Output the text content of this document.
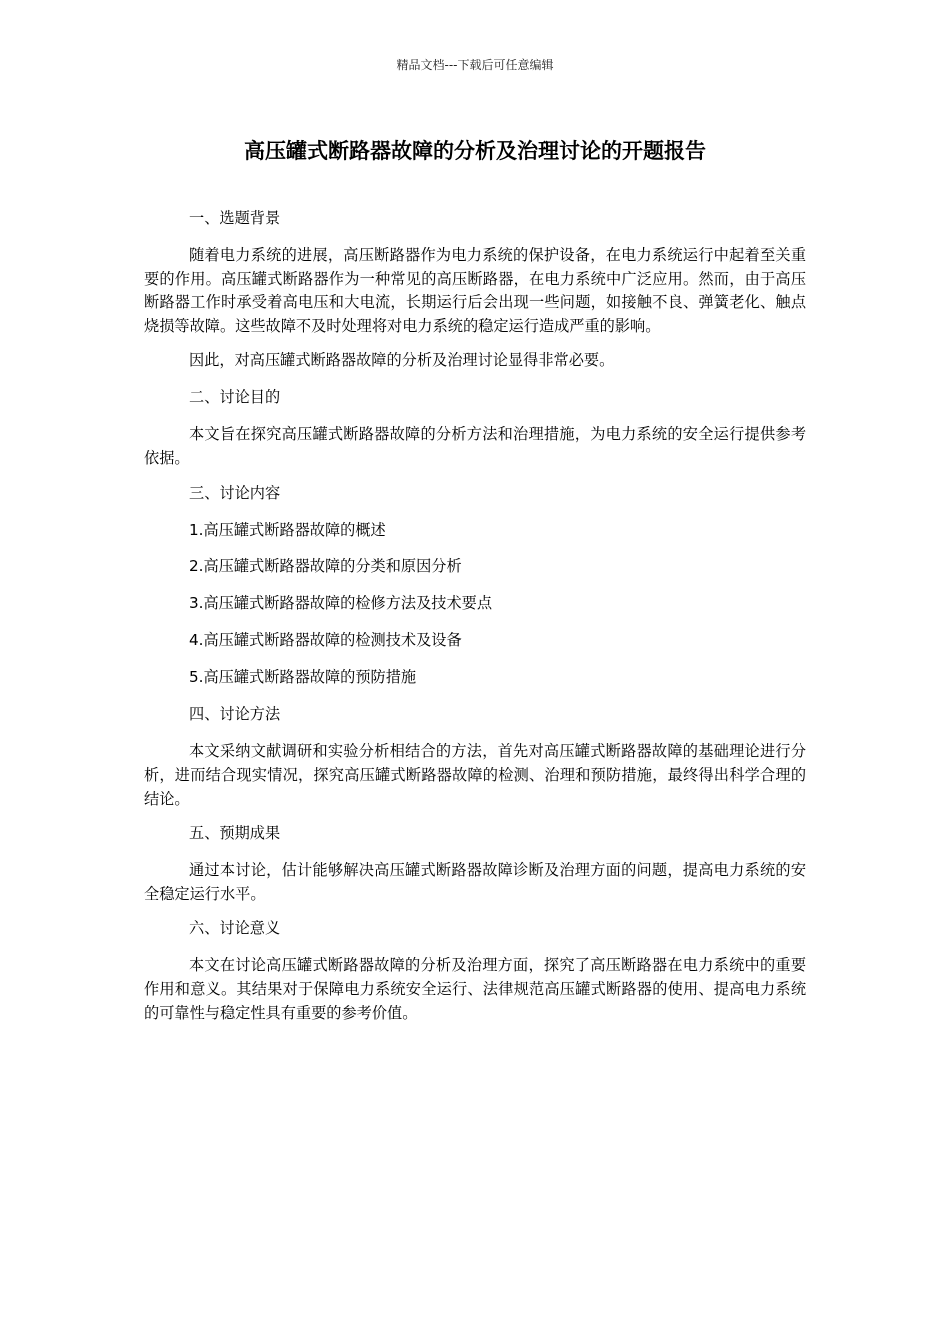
精品文档---下载后可任意编辑
高压罐式断路器故障的分析及治理讨论的开题报告

一、选题背景

随着电力系统的进展，高压断路器作为电力系统的保护设备，在电力系统运行中起着至关重要的作用。高压罐式断路器作为一种常见的高压断路器，在电力系统中广泛应用。然而，由于高压断路器工作时承受着高电压和大电流，长期运行后会出现一些问题，如接触不良、弹簧老化、触点烧损等故障。这些故障不及时处理将对电力系统的稳定运行造成严重的影响。

因此，对高压罐式断路器故障的分析及治理讨论显得非常必要。

二、讨论目的

本文旨在探究高压罐式断路器故障的分析方法和治理措施，为电力系统的安全运行提供参考依据。

三、讨论内容

1.高压罐式断路器故障的概述

2.高压罐式断路器故障的分类和原因分析

3.高压罐式断路器故障的检修方法及技术要点

4.高压罐式断路器故障的检测技术及设备

5.高压罐式断路器故障的预防措施

四、讨论方法

本文采纳文献调研和实验分析相结合的方法，首先对高压罐式断路器故障的基础理论进行分析，进而结合现实情况，探究高压罐式断路器故障的检测、治理和预防措施，最终得出科学合理的结论。

五、预期成果

通过本讨论，估计能够解决高压罐式断路器故障诊断及治理方面的问题，提高电力系统的安全稳定运行水平。

六、讨论意义

本文在讨论高压罐式断路器故障的分析及治理方面，探究了高压断路器在电力系统中的重要作用和意义。其结果对于保障电力系统安全运行、法律规范高压罐式断路器的使用、提高电力系统的可靠性与稳定性具有重要的参考价值。
